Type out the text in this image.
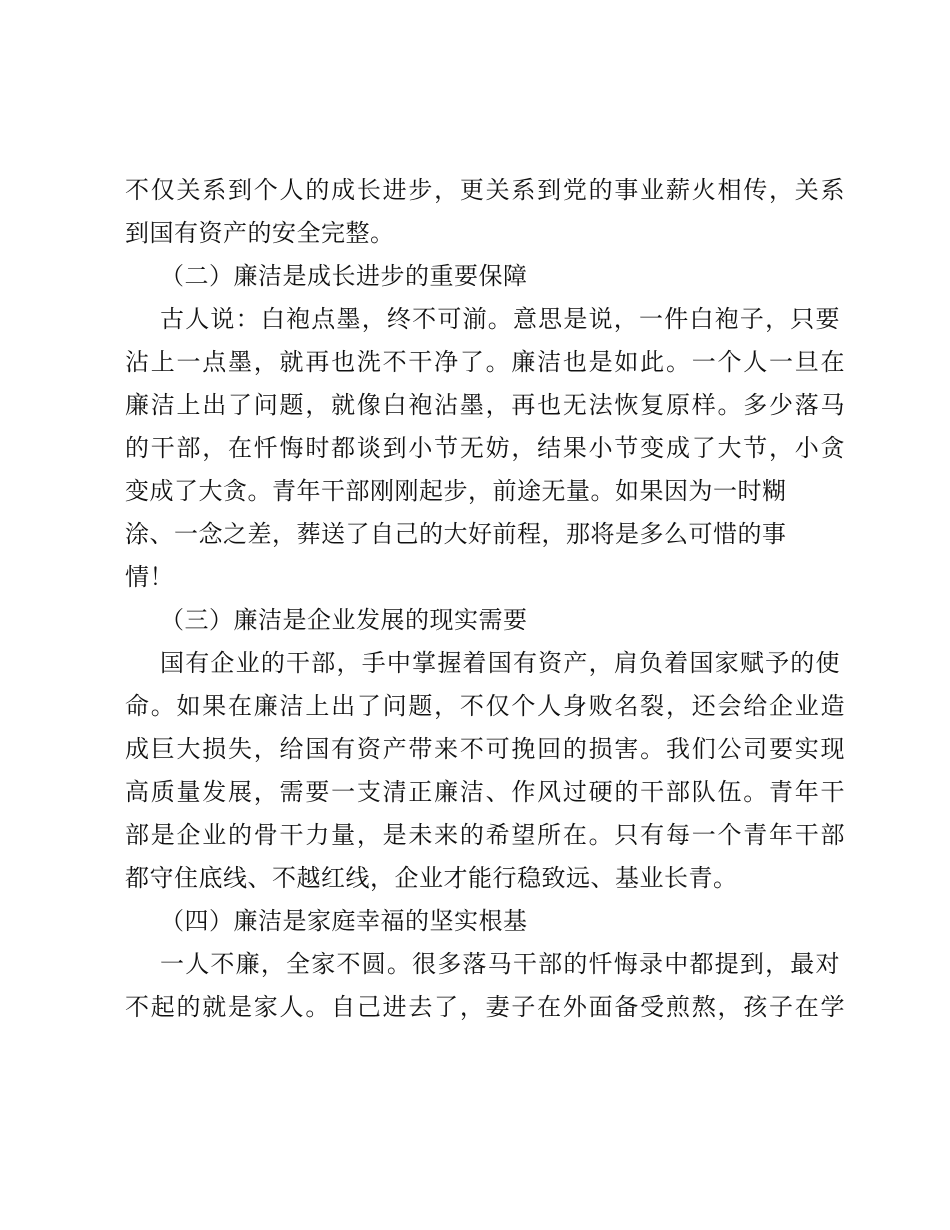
不仅关系到个人的成长进步，更关系到党的事业薪火相传，关系
到国有资产的安全完整。
（二）廉洁是成长进步的重要保障
古人说：白袍点墨，终不可湔。意思是说，一件白袍子，只要
沾上一点墨，就再也洗不干净了。廉洁也是如此。一个人一旦在
廉洁上出了问题，就像白袍沾墨，再也无法恢复原样。多少落马
的干部，在忏悔时都谈到小节无妨，结果小节变成了大节，小贪
变成了大贪。青年干部刚刚起步，前途无量。如果因为一时糊
涂、一念之差，葬送了自己的大好前程，那将是多么可惜的事
情！
（三）廉洁是企业发展的现实需要
国有企业的干部，手中掌握着国有资产，肩负着国家赋予的使
命。如果在廉洁上出了问题，不仅个人身败名裂，还会给企业造
成巨大损失，给国有资产带来不可挽回的损害。我们公司要实现
高质量发展，需要一支清正廉洁、作风过硬的干部队伍。青年干
部是企业的骨干力量，是未来的希望所在。只有每一个青年干部
都守住底线、不越红线，企业才能行稳致远、基业长青。
（四）廉洁是家庭幸福的坚实根基
一人不廉，全家不圆。很多落马干部的忏悔录中都提到，最对
不起的就是家人。自己进去了，妻子在外面备受煎熬，孩子在学
